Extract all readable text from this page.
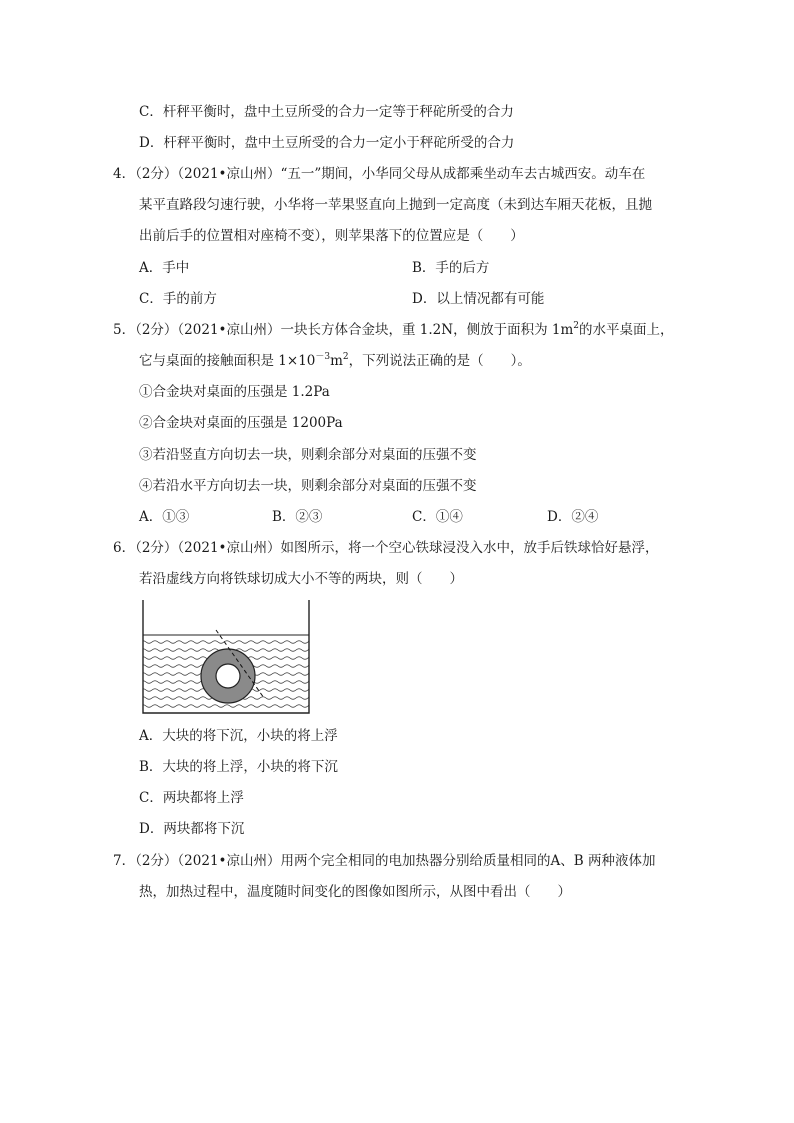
C．杆秤平衡时，盘中土豆所受的合力一定等于秤砣所受的合力
D．杆秤平衡时，盘中土豆所受的合力一定小于秤砣所受的合力
4．（2分）（2021•凉山州）“五一”期间，小华同父母从成都乘坐动车去古城西安。动车在
某平直路段匀速行驶，小华将一苹果竖直向上抛到一定高度（未到达车厢天花板，且抛
出前后手的位置相对座椅不变），则苹果落下的位置应是（　　）
A．手中	B．手的后方
C．手的前方	D．以上情况都有可能
5．（2分）（2021•凉山州）一块长方体合金块，重 1.2N，侧放于面积为 $1m^2$的水平桌面上，
它与桌面的接触面积是 $1\times 10^{-3}m^2$，下列说法正确的是（　　）。
①合金块对桌面的压强是 1.2Pa
②合金块对桌面的压强是 1200Pa
③若沿竖直方向切去一块，则剩余部分对桌面的压强不变
④若沿水平方向切去一块，则剩余部分对桌面的压强不变
A．①③	B．②③	C．①④	D．②④
6．（2分）（2021•凉山州）如图所示，将一个空心铁球浸没入水中，放手后铁球恰好悬浮，
若沿虚线方向将铁球切成大小不等的两块，则（　　）
A．大块的将下沉，小块的将上浮
B．大块的将上浮，小块的将下沉
C．两块都将上浮
D．两块都将下沉
7．（2分）（2021•凉山州）用两个完全相同的电加热器分别给质量相同的A、B 两种液体加
热，加热过程中，温度随时间变化的图像如图所示，从图中看出（　　）
